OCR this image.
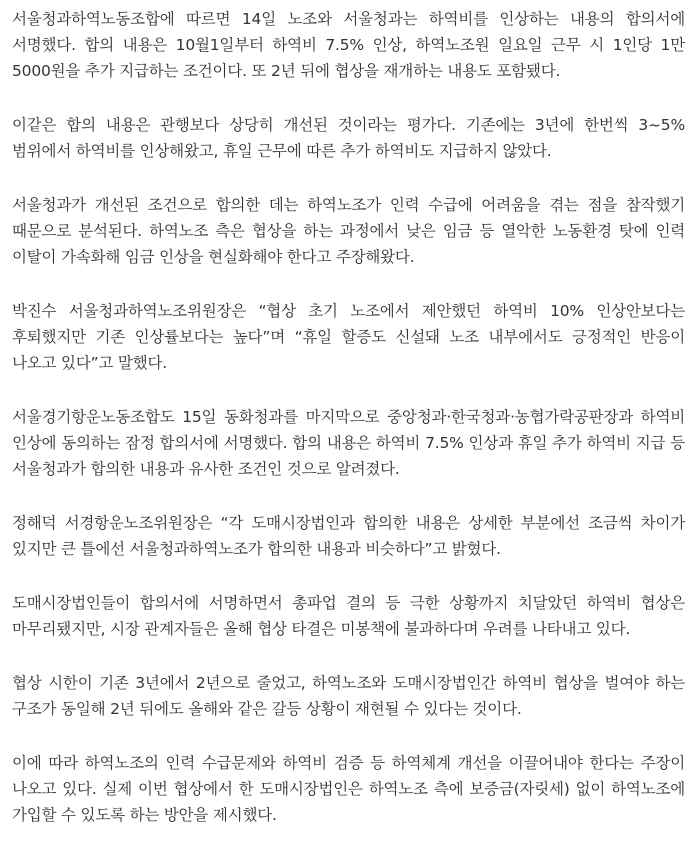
서울청과하역노동조합에 따르면 14일 노조와 서울청과는 하역비를 인상하는 내용의 합의서에 서명했다. 합의 내용은 10월1일부터 하역비 7.5% 인상, 하역노조원 일요일 근무 시 1인당 1만 5000원을 추가 지급하는 조건이다. 또 2년 뒤에 협상을 재개하는 내용도 포함됐다.

이같은 합의 내용은 관행보다 상당히 개선된 것이라는 평가다. 기존에는 3년에 한번씩 3~5% 범위에서 하역비를 인상해왔고, 휴일 근무에 따른 추가 하역비도 지급하지 않았다.

서울청과가 개선된 조건으로 합의한 데는 하역노조가 인력 수급에 어려움을 겪는 점을 참작했기 때문으로 분석된다. 하역노조 측은 협상을 하는 과정에서 낮은 임금 등 열악한 노동환경 탓에 인력 이탈이 가속화해 임금 인상을 현실화해야 한다고 주장해왔다.

박진수 서울청과하역노조위원장은 “협상 초기 노조에서 제안했던 하역비 10% 인상안보다는 후퇴했지만 기존 인상률보다는 높다”며 “휴일 할증도 신설돼 노조 내부에서도 긍정적인 반응이 나오고 있다”고 말했다.

서울경기항운노동조합도 15일 동화청과를 마지막으로 중앙청과·한국청과·농협가락공판장과 하역비 인상에 동의하는 잠정 합의서에 서명했다. 합의 내용은 하역비 7.5% 인상과 휴일 추가 하역비 지급 등 서울청과가 합의한 내용과 유사한 조건인 것으로 알려졌다.

정해덕 서경항운노조위원장은 “각 도매시장법인과 합의한 내용은 상세한 부분에선 조금씩 차이가 있지만 큰 틀에선 서울청과하역노조가 합의한 내용과 비슷하다”고 밝혔다.

도매시장법인들이 합의서에 서명하면서 총파업 결의 등 극한 상황까지 치달았던 하역비 협상은 마무리됐지만, 시장 관계자들은 올해 협상 타결은 미봉책에 불과하다며 우려를 나타내고 있다.

협상 시한이 기존 3년에서 2년으로 줄었고, 하역노조와 도매시장법인간 하역비 협상을 벌여야 하는 구조가 동일해 2년 뒤에도 올해와 같은 갈등 상황이 재현될 수 있다는 것이다.

이에 따라 하역노조의 인력 수급문제와 하역비 검증 등 하역체계 개선을 이끌어내야 한다는 주장이 나오고 있다. 실제 이번 협상에서 한 도매시장법인은 하역노조 측에 보증금(자릿세) 없이 하역노조에 가입할 수 있도록 하는 방안을 제시했다.
